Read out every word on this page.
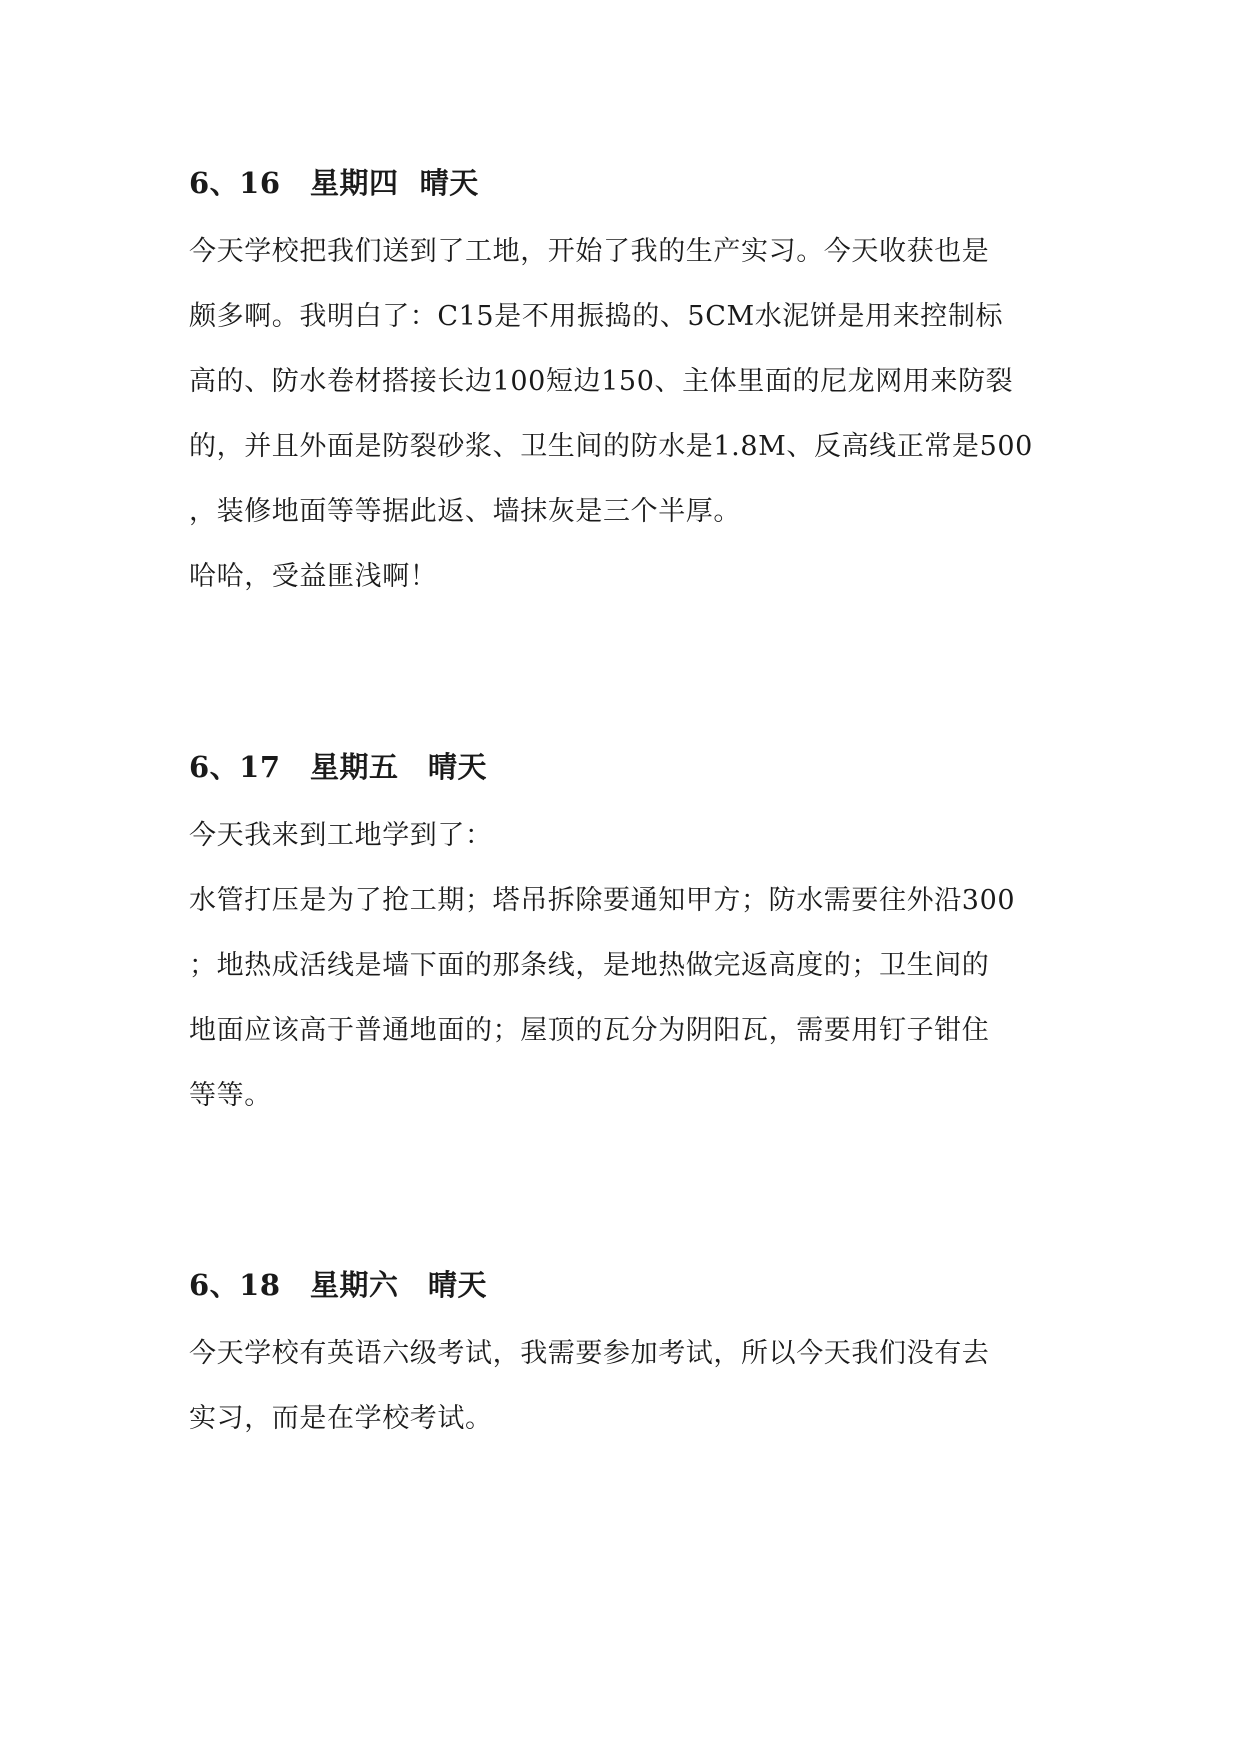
6、16　星期四  晴天
今天学校把我们送到了工地，开始了我的生产实习。今天收获也是
颇多啊。我明白了：C15是不用振捣的、5CM水泥饼是用来控制标
高的、防水卷材搭接长边100短边150、主体里面的尼龙网用来防裂
的，并且外面是防裂砂浆、卫生间的防水是1.8M、反高线正常是500
，装修地面等等据此返、墙抹灰是三个半厚。
哈哈，受益匪浅啊！
6、17　星期五　晴天
今天我来到工地学到了：
水管打压是为了抢工期；塔吊拆除要通知甲方；防水需要往外沿300
；地热成活线是墙下面的那条线，是地热做完返高度的；卫生间的
地面应该高于普通地面的；屋顶的瓦分为阴阳瓦，需要用钉子钳住
等等。
6、18　星期六　晴天
今天学校有英语六级考试，我需要参加考试，所以今天我们没有去
实习，而是在学校考试。
